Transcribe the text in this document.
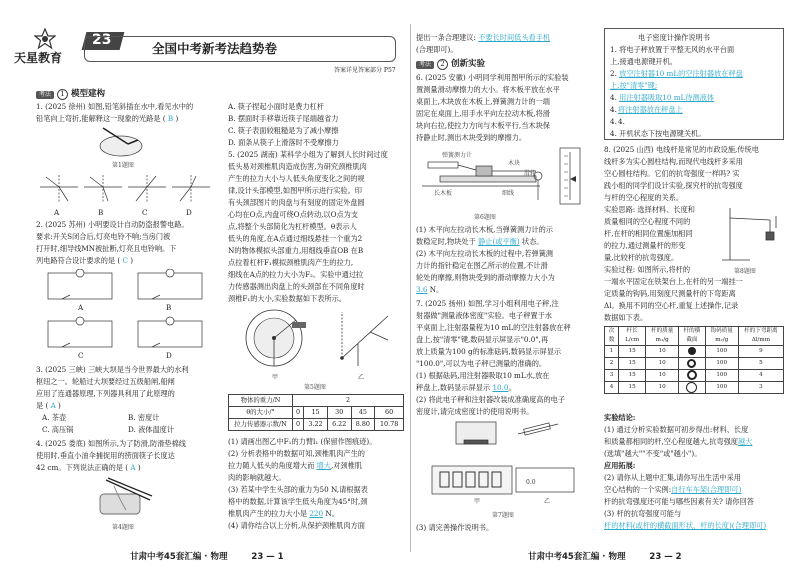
23
天星教育
全国中考新考法趋势卷
答案详见答案部分 P57
考法 1 模型建构
1. (2025 徐州) 如图,铅笔斜插在水中,看见水中的
铅笔向上弯折,能解释这一现象的光路是 ( B )
第1题图
A	B	C	D
2. (2025 苏州) 小明要设计自动防盗报警电路。
要求:开关S闭合后,灯亮电铃不响;当房门被
打开时,细导线MN被扯断,灯亮且电铃响。下
列电路符合设计要求的是 ( C )
A	B
C	D
3. (2025 三峡) 三峡大坝是当今世界最大的水利
枢纽之一。轮船过大坝要经过五级船闸,船闸
应用了连通器原理,下列器具利用了此原理的
是 ( A )
A. 茶壶	B. 密度计
C. 高压锅	D. 液体温度计
4. (2025 娄底) 如图所示,为了防滑,防滑垫棉线
使用时,垂直小油伞捕捉用的捞面筷子长度达
42 cm。下列说法正确的是 ( A )
第4题图
A. 筷子捏起小面时是费力杠杆
B. 摆面时手移靠近筷子尾端越省力
C. 筷子表面较粗糙是为了减小摩擦
D. 面条从筷子上滑落时不受摩擦力
5. (2025 湖南) 某科学小组为了解到人长时间过度
低头易对颈椎肌肉造成伤害,为研究颈椎肌肉
产生的拉力大小与人低头角度变化之间的规
律,设计头部模型,如图甲所示进行实验。印
有头颈部图片的肉盘与有刻度的固定外盘圆
心均在O点,内盘可绕O点转动,以O点为支
点,将整个头部简化为杠杆模型。θ表示人
低头的角度,在A点通过细线悬挂一个重为2
N的物体模拟头部重力,用细线垂直OB 在B
点拉着杠杆F₁模拟颈椎肌肉产生的拉力,
细线在A点的拉力大小为F₂。实验中通过拉
力传感器测出肉盘上的头颈部在不同角度时
颈椎F₁的大小,实验数据如下表所示。
甲	乙
第5题图
物体的重力/N	2				
θ的大小/°	0	15	30	45	60
拉力传感器示数/N	0	3.22	6.22	8.80	10.78
(1) 请画出图乙中F₁的力臂l₁ (保留作图痕迹)。
(2) 分析表格中的数据可知,颈椎肌肉产生的
拉力随人低头的角度增大而 增大,对颈椎肌
肉的影响就越大。
(3) 若某中学生头部的重力为50 N,请根据表
格中的数据,计算该学生低头角度为45°时,颈
椎肌肉产生的拉力大小是 220 N。
(4) 请你结合以上分析,从保护颈椎肌肉方面
甘肃中考45套汇编 · 物理	23 — 1
提出一条合理建议: 不要长时间低头看手机
(合理即可)。
考法 2 创新实验
6. (2025 安徽) 小明同学利用图甲所示的实验装
置测量滑动摩擦力的大小。将木板平放在水平
桌面上,木块放在木板上,弹簧测力计的一端
固定在桌面上,用手水平向左拉动木板,将滑
块向右拉,使拉力方向与木板平行,当木块保
持静止时,测出木块受到的摩擦力。
弹簧测力计
木块
长木板	细线
滑轮
第6题图
(1) 木平向左拉动长木板,当弹簧测力计的示
数稳定时,物块处于 静止(或平衡) 状态。
(2) 木平向左拉动长木板的过程中,若弹簧测
力计的指针稳定在图乙所示的位置,不计滑
轮处的摩擦,则物块受到的滑动摩擦力大小为
3.6 N。
7. (2025 扬州) 如图,学习小组利用电子秤,注
射器做"测量液体密度"实验。电子秤置于水
平桌面上,注射器量程为10 mL的空注射器放在秤
盘上,按"清零"键,数码显示屏显示"0.0",再
放上质量为100 g的标准砝码,数码显示屏显示
"100.0",可以为电子秤已测量的准确的。
(1) 根据砝码,用注射器吸取10 mL水,放在
秤盘上,数码显示屏显示 10.0。
(2) 将此电子秤和注射器改装成准确度高的电子
密度计,请完成密度计的使用说明书。
0.0
甲	乙
第7题图
(3) 请完善操作说明书。
电子密度计操作说明书
1. 将电子秤放置于平整无风的水平台面
上,接通电源键开机。
2. 放空注射器10 mL的空注射器放在秤盘
上,按"清零"键;
4. 用注射器吸取10 mL待测液体
4. 将注射器放在秤盘上
4. 4.
4. 开机状态下按电源键关机。
8. (2025 山西) 电线杆是常见的市政设施,传统电
线杆多为实心圆柱结构,而现代电线杆多采用
空心圆柱结构。它们的抗弯强度一样吗? 实
践小组的同学们设计实验,探究杆的抗弯强度
与杆的空心程度的关系。
实验思路: 选择材料、长度和
质量相同的空心程度不同的
杆,在杆的相同位置施加相同
的拉力,通过测量杆的形变
量,比较杆的抗弯强度。
实验过程: 如图所示,将杆的	第8题图
一端水平固定在铁架台上,在杆的另一端挂一
定质量的钩码,用刻度尺测量杆的下弯距离
Δl。换用不同的空心杆,重复上述操作,记录
数据如下表。
次数	杆长 L/cm	杆的质量 m₁/g	杆的横截面	钩码质量 m₂/g	杆的下弯距离 Δl/mm
1	15	10		100	9
2	15	10		100	5
3	15	10		100	4
4	15	10		100	3
实验结论:
(1) 通过分析实验数据可初步得出:材料、长度
和质量都相同的杆,空心程度越大,抗弯强度越大
(选填"越大""不变"或"越小")。
应用拓展:
(2) 请你从上题中汇集,请你写出生活中采用
空心结构的一个实例:自行车车架(合理即可)
杆的抗弯强度还可能与哪些因素有关? 请你回答
(3) 杆的抗弯强度可能与
杆的材料(或杆的横截面形状、杆的长度)(合理即可)
甘肃中考45套汇编 · 物理	23 — 2
